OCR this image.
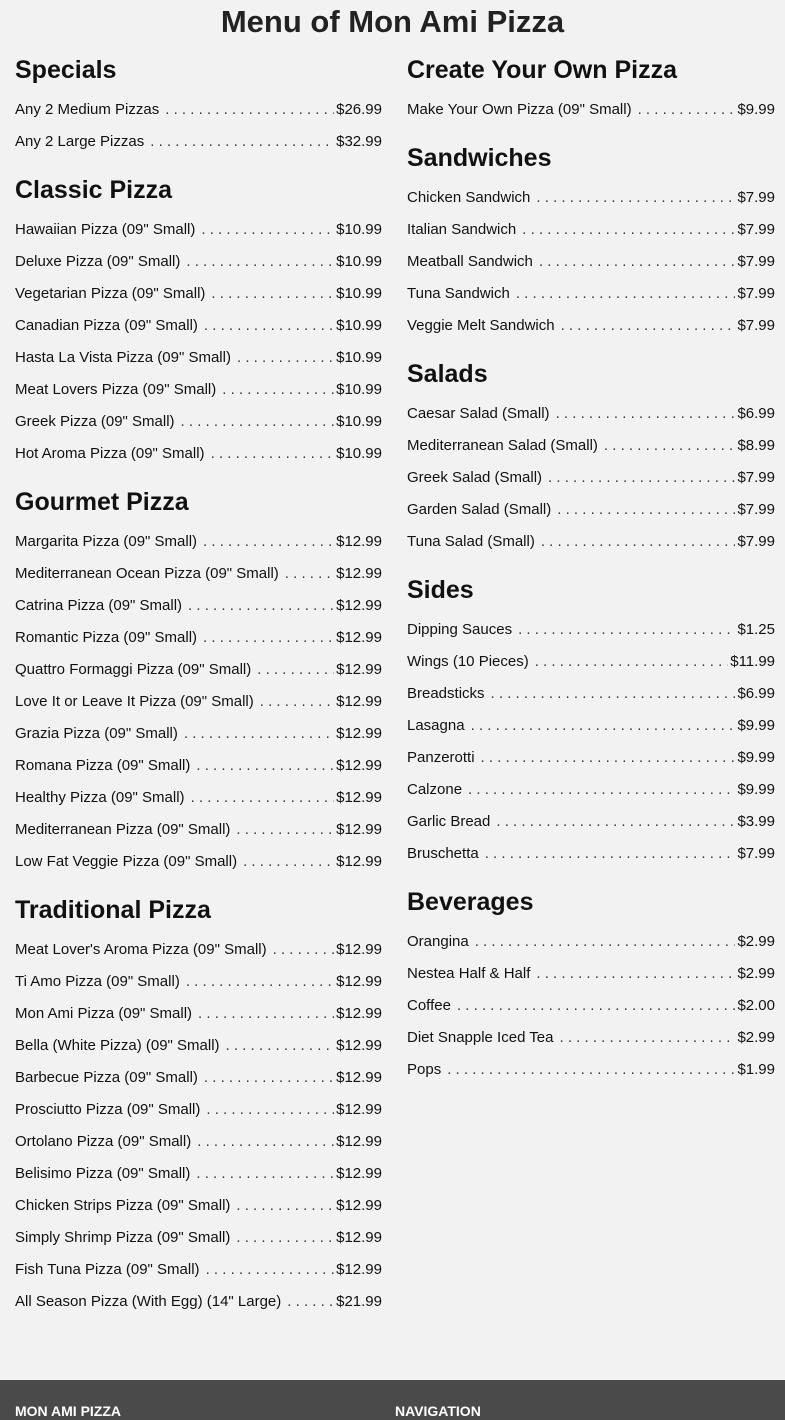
Menu of Mon Ami Pizza
Specials
Any 2 Medium Pizzas . . .	$26.99
Any 2 Large Pizzas . . .	$32.99
Classic Pizza
Hawaiian Pizza (09" Small) . . .	$10.99
Deluxe Pizza (09" Small) . . .	$10.99
Vegetarian Pizza (09" Small) . . .	$10.99
Canadian Pizza (09" Small) . . .	$10.99
Hasta La Vista Pizza (09" Small) . . .	$10.99
Meat Lovers Pizza (09" Small) . . .	$10.99
Greek Pizza (09" Small) . . .	$10.99
Hot Aroma Pizza (09" Small) . . .	$10.99
Gourmet Pizza
Margarita Pizza (09" Small) . . .	$12.99
Mediterranean Ocean Pizza (09" Small) . . .	$12.99
Catrina Pizza (09" Small) . . .	$12.99
Romantic Pizza (09" Small) . . .	$12.99
Quattro Formaggi Pizza (09" Small) . . .	$12.99
Love It or Leave It Pizza (09" Small) . . .	$12.99
Grazia Pizza (09" Small) . . .	$12.99
Romana Pizza (09" Small) . . .	$12.99
Healthy Pizza (09" Small) . . .	$12.99
Mediterranean Pizza (09" Small) . . .	$12.99
Low Fat Veggie Pizza (09" Small) . . .	$12.99
Traditional Pizza
Meat Lover's Aroma Pizza (09" Small) . . .	$12.99
Ti Amo Pizza (09" Small) . . .	$12.99
Mon Ami Pizza (09" Small) . . .	$12.99
Bella (White Pizza) (09" Small) . . .	$12.99
Barbecue Pizza (09" Small) . . .	$12.99
Prosciutto Pizza (09" Small) . . .	$12.99
Ortolano Pizza (09" Small) . . .	$12.99
Belisimo Pizza (09" Small) . . .	$12.99
Chicken Strips Pizza (09" Small) . . .	$12.99
Simply Shrimp Pizza (09" Small) . . .	$12.99
Fish Tuna Pizza (09" Small) . . .	$12.99
All Season Pizza (With Egg) (14" Large) . . .	$21.99
Create Your Own Pizza
Make Your Own Pizza (09" Small) . . .	$9.99
Sandwiches
Chicken Sandwich . . .	$7.99
Italian Sandwich . . .	$7.99
Meatball Sandwich . . .	$7.99
Tuna Sandwich . . .	$7.99
Veggie Melt Sandwich . . .	$7.99
Salads
Caesar Salad (Small) . . .	$6.99
Mediterranean Salad (Small) . . .	$8.99
Greek Salad (Small) . . .	$7.99
Garden Salad (Small) . . .	$7.99
Tuna Salad (Small) . . .	$7.99
Sides
Dipping Sauces . . .	$1.25
Wings (10 Pieces) . . .	$11.99
Breadsticks . . .	$6.99
Lasagna . . .	$9.99
Panzerotti . . .	$9.99
Calzone . . .	$9.99
Garlic Bread . . .	$3.99
Bruschetta . . .	$7.99
Beverages
Orangina . . .	$2.99
Nestea Half & Half . . .	$2.99
Coffee . . .	$2.00
Diet Snapple Iced Tea . . .	$2.99
Pops . . .	$1.99
MON AMI PIZZA	NAVIGATION
